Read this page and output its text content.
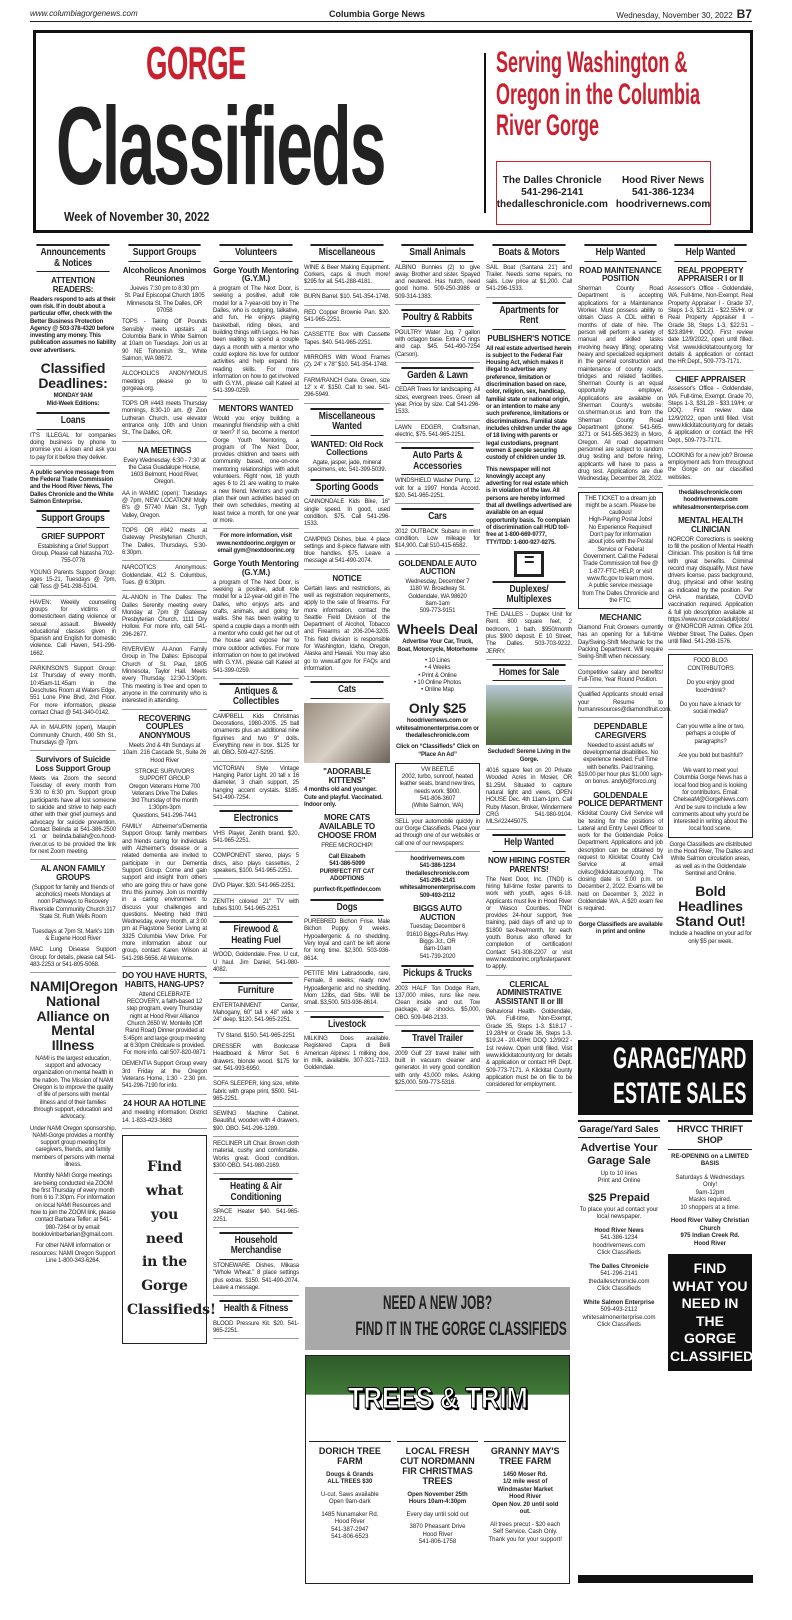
www.columbiagorgenews.com	Columbia Gorge News	Wednesday, November 30, 2022 B7
GORGE
Classifieds
Week of November 30, 2022
Serving Washington & Oregon in the Columbia River Gorge
The Dalles Chronicle
541-296-2141
thedalleschronicle.com
Hood River News
541-386-1234
hoodrivernews.com
Announcements & Notices
ATTENTION READERS:
Readers respond to ads at their own risk. If in doubt about a particular offer, check with the Better Business Protection Agency @ 503-378-4320 before investing any money. This publication assumes no liability over advertisers.
Classified Deadlines:
MONDAY 9AM
Mid-Week Editions:
Loans
IT'S ILLEGAL for companies doing business by phone to promise you a loan and ask you to pay for it before they deliver.
A public service message from the Federal Trade Commission and the Hood River News, The Dalles Chronicle and the White Salmon Enterprise.
Support Groups
GRIEF SUPPORT
Establishing a Grief Support Group. Please call Natasha 702-755-0778
YOUNG Parents Support Group: ages 15-21, Tuesdays @ 7pm, call Tess @ 541-298-5104.
HAVEN: Weekly counseling groups for victims of domestic/teen dating violence or sexual assault. Biweekly educational classes given in Spanish and English for domestic violence. Call Haven, 541-296-1662.
PARKINSON'S Support Group: 1st Thursday of every month, 10:45am-11:45am in the Deschutes Room at Waters Edge, 551 Lone Pine Blvd, 2nd Floor. For more information, please contact Chad @ 541-340-0142.
AA in MAUPIN (open), Maupin Community Church, 490 5th St., Thursdays @ 7pm.
Survivors of Suicide Loss Support Group
Meets via Zoom the second Tuesday of every month from 5:30 to 6:30 pm. Support group participants have all lost someone to suicide and strive to help each other with their grief journeys and advocacy for suicide prevention. Contact Belinda at 541-386-2500 x1 or belinda.ballah@co.hood-river.or.us to be provided the link for next Zoom meeting.
AL ANON FAMILY GROUPS
(Support for family and friends of alcoholics) meets Mondays at noon Pathways to Recovery Riverside Community Church 317 State St. Ruth Wells Room

Tuesdays at 7pm St. Mark's 11th & Eugene Hood River
MAC Lung Disease Support Group: for details, please call 541-483-2253 or 541-805-5068.
NAMI|Oregon National Alliance on Mental Illness
NAMI is the largest education, support and advocacy organization on mental health in the nation. The Mission of NAMI Oregon is to improve the quality of life of persons with mental illness and of their families through support, education and advocacy.
Under NAMI Oregon sponsorship, NAMI-Gorge provides a monthly support group meeting for caregivers, friends, and family members of persons with mental illness.
Monthly NAMI Gorge meetings are being conducted via ZOOM the first Thursday of every month from 6 to 7:30pm. For information on local NAMI Resources and how to join the ZOOM link, please contact Barbara Telfer: at 541-980-7264 or by email: booklovinbarbarian@gmail.com.
For other NAMI information or resources: NAMI Oregon Support Line 1-800-343-6264.
Support Groups
Alcoholicos Anonimos Reuniones
Jueves 7:30 pm to 8:30 pm
St. Paul Episcopal Church 1805 Minnesota St. The Dalles, OR 97058
TOPS - Taking Off Pounds Sensibly meets upstairs at Columbia Bank in White Salmon at 10am on Tuesdays. Join us at 90 NE Tohomish St., White Salmon, WA 98672.
ALCOHOLICS ANONYMOUS meetings please go to gorgeaa.org.
TOPS OR #443 meets Thursday mornings, 8:30-10 am. @ Zion Lutheran Church, use elevator entrance only. 10th and Union St., The Dalles, OR.
NA MEETINGS
Every Wednesday. 6:30 - 7:30 at the Casa Guadalupe House, 1603 Belmont, Hood River, Oregon.
AA in WAMIC (open): Tuesdays @ 7pm, NEW LOCATION! Molly B's @ 57740 Main St., Tygh Valley, Oregon.
TOPS OR #942 meets at Gateway Presbyterian Church, The Dalles, Thursdays, 5:30-6:30pm.
NARCOTICS Anonymous: Goldendale, 412 S. Columbus, Tues. @ 6:30pm.
AL-ANON in The Dalles: The Dalles Serenity meeting every Monday at 7pm @ Gateway Presbyterian Church, 1111 Dry Hollow. For more info, call 541-296-2677.
RIVERVIEW Al-Anon Family Group in The Dalles: Episcopal Church of St. Paul, 1805 Minnesota, Taylor Hall. Meets every Thursday, 12:30-1:30pm. This meeting is free and open to anyone in the community who is interested in attending.
RECOVERING COUPLES ANONYMOUS
Meets 2nd & 4th Sundays at 10am. 216 Cascade St., Suite 26 Hood River
STROKE SURVIVORS SUPPORT GROUP
Oregon Veterans Home 700 Veterans Drive The Dalles
3rd Thursday of the month 1:30pm-3pm
Questions, 541-296-7441
FAMILY Alzheimer's/Dementia Support Group: family members and friends caring for individuals with Alzheimer's disease or a related dementia are invited to participate in our Dementia Support Group. Come and gain support and insight from others who are going thru or have gone thru this journey. Join us monthly in a caring environment to discuss your challenges and questions. Meeting held third Wednesday, every month, at 3:00 pm at Flagstone Senior Living at 3325 Columbia View Drive. For more information about our group, contact Karen Wilson at 541-298-5656. All Welcome.
DO YOU HAVE HURTS, HABITS, HANG-UPS?
Attend CELEBRATE RECOVERY, a faith-based 12 step program, every Thursday night at Hood River Alliance Church 2650 W. Montello (Off Rand Road) Dinner provided at 5:45pm and large group meeting at 6:30pm Childcare is provided. For more info. call 507-820-0871
DEMENTIA Support Group every 3rd Friday at the Oregon Veterans Home, 1:30 - 2:30 pm. 541-296-7190 for info.
24 HOUR AA HOTLINE
and meeting information: District 14. 1-833-423-3683
Find
what
you
need
in the
Gorge
Classifieds!
Volunteers
Gorge Youth Mentoring (G.Y.M.)
a program of The Next Door, is seeking a positive, adult role model for a 7-year-old boy in The Dalles, who is outgoing, talkative, and fun. He enjoys playing basketball, riding bikes, and building things with Legos. He has been waiting to spend a couple days a month with a mentor who could explore his love for outdoor activities and help expand his reading skills. For more information on how to get involved with G.Y.M., please call Kateel at 541-399-0259.
MENTORS WANTED
Would you enjoy building a meaningful friendship with a child or teen? If so, become a mentor! Gorge Youth Mentoring, a program of The Next Door, provides children and teens with community based, one-on-one mentoring relationships with adult volunteers. Right now, 18 youth ages 6 to 21 are waiting to make a new friend. Mentors and youth plan their own activities based on their own schedules, meeting at least twice a month, for one year or more.
For more information, visit www.nextdoorinc.org/gym or email gym@nextdoorinc.org
Gorge Youth Mentoring (G.Y.M.)
a program of The Next Door, is seeking a positive, adult role model for a 12-year-old girl in The Dalles, who enjoys arts and crafts, animals, and going for walks. She has been waiting to spend a couple days a month with a mentor who could get her out of the house and expose her to more outdoor activities. For more information on how to get involved with G.Y.M., please call Kateel at 541-399-0259.
Antiques & Collectibles
CAMPBELL Kids Christmas Decorations, 1980-2005. 25 ball ornaments plus an additional nine figurines and two 9" dolls. Everything new in box. $125 for all. OBO. 509-427-5295.
VICTORIAN Style Vintage Hanging Parlor Light. 20 tall x 16 diameter, 3 chain support, 25 hanging accent crystals. $185. 541-490-7254.
Electronics
VHS Player, Zenith brand. $20. 541-965-2251.
COMPONENT stereo, plays 5 discs, also plays cassettes, 2 speakers, $100. 541-965-2251.
DVD Player. $20. 541-965-2251.
ZENITH colored 21" TV with tubes $100. 541-965-2251
Firewood & Heating Fuel
WOOD, Goldendale. Free. U cut, U haul. Jim Daniel, 541-980-4082.
Furniture
ENTERTAINMENT Center, Mahogany, 60" tall x 48" wide x 24" deep. $120. 541-965-2251.
TV Stand. $150. 541-965-2251
DRESSER with Bookcase Headboard & Mirror Set. 6 drawers, blonde wood. $175 for set. 541-993-6950.
SOFA SLEEPER, king size, white fabric with grape print, $500. 541-965-2251.
SEWING Machine Cabinet. Beautiful, wooden with 4 drawers. $90. OBO. 541-296-1289.
RECLINER Lift Chair. Brown cloth material, cushy and comfortable. Works great. Good condition. $300 OBO. 541-980-2169.
Heating & Air Conditioning
SPACE Heater $40. 541-965-2251.
Household Merchandise
STONEWARE Dishes, Mikasa "Whole Wheat." 8 place settings plus extras. $150. 541-490-2074. Leave a message.
Health & Fitness
BLOOD Pressure Kit. $20. 541-965-2251.
Miscellaneous
WINE & Beer Making Equipment. Corkers, caps & much more! $295 for all. 541-288-4181.
BURN Barrel. $10. 541-354-1748.
RED Copper Brownie Pan. $20. 541-965-2251.
CASSETTE Box with Cassette Tapes. $40. 541-965-2251.
MIRRORS With Wood Frames (2). 24" x 78" $10. 541-354-1748.
FARM/RANCH Gate. Green, size 12' x 4'. $150. Call to see. 541-296-5949.
Miscellaneous Wanted
WANTED: Old Rock Collections
Agate, jasper, jade, mineral specimens, etc. 541-399-5039.
Sporting Goods
CANNONDALE Kids Bike, 16" single speed. In good, used condition. $75. Call 541-296-1533.
CAMPING Dishes, blue. 4 place settings and 8-piece flatware with blue handles. $75. Leave a message at 541-490-2074.
NOTICE
Certain laws and restrictions, as well as registration requirements, apply to the sale of firearms. For more information, contact the Seattle Field Division of the Department of Alcohol, Tobacco and Firearms at 206-204-3205. This field division is responsible for Washington, Idaho, Oregon, Alaska and Hawaii. You may also go to www.atf.gov for FAQs and information.
Cats
"ADORABLE KITTENS"
4 months old and younger. Cute and playful. Vaccinated. Indoor only.
MORE CATS AVAILABLE TO CHOOSE FROM
FREE MICROCHIP!
Call Elizabeth
541-386-5099
PURRFECT FIT CAT ADOPTIONS
purrfect-fit.petfinder.com
Dogs
PUREBRED Bichon Frise. Male Bichon Puppy. 9 weeks. Hypoallergenic & no shedding. Very loyal and can't be left alone for long time. $2,300. 503-936-8614.
PETITE Mini Labradoodle, rare, Female, 8 weeks; ready now! Hypoallergenic and no shedding. Mom 12lbs, dad 5lbs. Will be small. $3,500. 503-936-8614.
Livestock
MILKING Does available. Registered Capra di Belli American Alpines: 1 milking doe, in milk, available. 307-321-7113. Goldendale.
Small Animals
ALBINO Bunnies (2) to give away. Brother and sister. Spayed and neutered. Has hutch, need good home. 509-250-3986 or 509-314-1383.
Poultry & Rabbits
POULTRY Water Jug. 7 gallon with octagon base. Extra O rings and cap. $45. 541-490-7254 (Carson).
Garden & Lawn
CEDAR Trees for landscaping. All sizes, evergreen trees. Green all year. Price by size. Call 541-296-1533.
LAWN EDGER, Craftsman, electric, $75. 541-965-2251.
Auto Parts & Accessories
WINDSHIELD Washer Pump, 12 volt for a 1997 Honda Accord. $20. 541-965-2251.
Cars
2012 OUTBACK Subaru in mint condition. Low mileage for $14,900. Call 510-415-6582.
GOLDENDALE AUTO AUCTION
Wednesday, December 7
1180 W. Broadway St. Goldendale, WA 98620
8am-1am
509-773-9151
Wheels Deal
Advertise Your Car, Truck, Boat, Motorcycle, Motorhome
• 10 Lines
• 4 Weeks
• Print & Online
• 10 Online Photos
• Online Map
Only $25
hoodrivernews.com or whitesalmonenterprise.com or thedalleschronicle.com
Click on “Classifieds” Click on “Place An Ad”
VW BEETLE
2002, turbo, sunroof, heated leather seats, brand new tires, needs work. $900.
541-806-3607
(White Salmon, WA)
SELL your automobile quickly in our Gorge Classifieds. Place your ad through one of our websites or call one of our newspapers:
hoodrivernews.com
541-386-1234
thedalleschronicle.com
541-296-2141
whitesalmonenterprise.com
509-493-2112
BIGGS AUTO AUCTION
Tuesday, December 6
91610 Biggs-Rufus Hwy.
Biggs Jct., OR
8am-10am
541-739-2020
Pickups & Trucks
2003 HALF Ton Dodge Ram, 137,000 miles, runs like new. Clean inside and out. Tow package, air shocks. $5,000, OBO. 509-948-2133.
Travel Trailer
2009 Gulf 23' travel trailer with built in vacuum cleaner and generator. In very good condition with only 43,000 miles. Asking $25,000. 509-773-5316.
Boats & Motors
SAIL Boat (Santana 21') and Trailer. Needs some repairs, no sails. Low price at $1,200. Call 541-296-1533.
Apartments for Rent
PUBLISHER'S NOTICE
All real estate advertised herein is subject to the Federal Fair Housing Act, which makes it illegal to advertise any preference, limitation or discrimination based on race, color, religion, sex, handicap, familial state or national origin, or an intention to make any such preference, limitations or discriminations. Familial state includes children under the age of 18 living with parents or legal custodians, pregnant women & people securing custody of children under 19.
This newspaper will not knowingly accept any adverting for real estate which is in violation of the law. All persons are hereby informed that all dwellings advertised are available on an equal opportunity basis. To complain of discrimination call HUD toll-free at 1-800-669-9777, TTY/TDD: 1-800-927-9275.
=
Duplexes/ Multiplexes
THE DALLES - Duplex Unit for Rent. 800 square feet, 2 bedroom, 1 bath. $950/month plus $900 deposit. E 10 Street, The Dalles. 503-703-9222. JERRY.
Homes for Sale
Secluded! Serene Living in the Gorge.
4016 square feet on 20 Private Wooded Acres in Mosier, OR $1.25M. Situated to capture natural light and views. OPEN HOUSE Dec. 4th 11am-1pm. Call Ruby Mason, Broker, Windermere CRG 541-980-9104. MLS#22445075.
Help Wanted
NOW HIRING FOSTER PARENTS!
The Next Door, Inc. (TNDI) is hiring full-time foster parents to work with youth, ages 6-18. Applicants must live in Hood River or Wasco Counties. TNDI provides 24-hour support, free training, paid days off and up to $1800 tax-free/month, for each youth. Bonus also offered for completion of certification! Contact 541-308-2207 or visit www.nextdoorinc.org/fosterparent to apply.
CLERICAL ADMINISTRATIVE ASSISTANT II or III
Behavioral Health- Goldendale, WA. Full-time, Non-Exempt, Grade 35, Steps 1-3. $18.17 - 19.28/Hr or Grade 36, Steps 1-3. $19.24 - 20.40/Hr. DOQ. 12/9/22 - 1st review. Open until filled. Visit www.klickitatcounty.org for details & application or contact HR Dept. 509-773-7171. A Klickitat County application must be on file to be considered for employment.
Help Wanted
ROAD MAINTENANCE POSITION
Sherman County Road Department is accepting applications for a Maintenance Worker. Must possess ability to obtain Class A CDL within 6 months of date of hire. The person will perform a variety of manual and skilled tasks involving heavy lifting; operating heavy and specialized equipment in the general construction and maintenance of county roads, bridges and related facilities. Sherman County is an equal opportunity employer. Applications are available on Sherman County's website: co.sherman.or.us and from the Sherman County Road Department (phone: 541-565-3271 or 541-565-3623) in Moro, Oregon. All road department personnel are subject to random drug testing and before hiring, applicants will have to pass a drug test. Applications are due Wednesday, December 28, 2022.
THE TICKET to a dream job might be a scam. Please be cautious!
High-Paying Postal Jobs!
No Experience Required!
Don't pay for information about jobs with the Postal Service or Federal Government. Call the Federal Trade Commission toll free @ 1-877-FTC-HELP, or visit www.ftc.gov to learn more.
A public service message from The Dalles Chronicle and the FTC.
MECHANIC
Diamond Fruit Growers currently has an opening for a full-time Day/Swing-Shift Mechanic for the Packing Department. Will require Swing-Shift when necessary.
Competitive salary and benefits! Full-Time, Year Round Position.
Qualified Applicants should email your Resume to humanresources@diamondfruit.com.
DEPENDABLE CAREGIVERS
Needed to assist adults w/ developmental disabilities. No experience needed. Full Time with benefits. Paid training. $19.00 per hour plus $1,000 sign-on bonus. andyb@forcci.org
GOLDENDALE POLICE DEPARTMENT
Klickitat County Civil Service will be testing for the positions of Lateral and Entry Level Officer to work for the Goldendale Police Department. Applications and job description can be obtained by request to Klickitat County Civil Service at email civilsc@klickitatcounty.org. The closing date is 5:00 p.m. on December 2, 2022. Exams will be held on December 3, 2022 in Goldendale WA. A $20 exam fee is required.
Gorge Classifieds are available in print and online
Help Wanted
REAL PROPERTY APPRAISER I or II
Assessor's Office - Goldendale, WA. Full-time, Non-Exempt. Real Property Appraiser I - Grade 37, Steps 1-3, $21.21 - $22.55/Hr. or Real Property Appraiser II - Grade 38, Steps 1-3, $22.51 - $23.89/Hr. DOQ. First review date 12/9/2022, open until filled. Visit www.klickitatcounty.org for details & application or contact the HR Dept., 509-773-7171.
CHIEF APPRAISER
Assessor's Office - Goldendale, WA. Full-time, Exempt. Grade 70, Steps 1-3, $31.28 - $33.19/Hr. or DOQ. First review date 12/9/2022, open until filled. Visit www.klickitatcounty.org for details & application or contact the HR Dept., 509-773-7171.
LOOKING for a new job? Browse employment ads from throughout the Gorge on our classified websites:
thedalleschronicle.com
hoodrivernews.com
whitesalmonenterprise.com
MENTAL HEALTH CLINICIAN
NORCOR Corrections is seeking to fill the position of Mental Health Clinician. This position is full time with great benefits. Criminal record may disqualify. Must have drivers license, pass background, drug, physical and other testing as indicated by the position. Per OHA mandate, COVID vaccination required. Application & full job description available at https://www.norcor.co/adult/jobs/ or @NORCOR Admin. Office 201 Webber Street, The Dalles. Open until filled. 541-298-1576.
FOOD BLOG CONTRIBUTORS

Do you enjoy good food+drink?

Do you have a knack for social media?

Can you write a line or two, perhaps a couple of paragraphs?

Are you bold but bashful?

We want to meet you! Columbia Gorge News has a local food blog and is looking for contributors. Email: ChelseaM@GorgeNews.com And be sure to include a few comments about why you'd be interested in writing about the local food scene.
Gorge Classifieds are distributed in the Hood River, The Dalles and White Salmon circulation areas, as well as in the Goldendale Sentinel and Online.
Bold Headlines Stand Out!
Include a headline on your ad for only $5 per week.
NEED A NEW JOB?
FIND IT IN THE GORGE CLASSIFIEDS
TREES & TRIM
DORICH TREE FARM
Dougs & Grands
ALL TREES $30
U-cut. Saws available
Open 9am-dark
1485 Nunamaker Rd.
Hood River
541-387-2947
541-806-6523
LOCAL FRESH CUT NORDMANN FIR CHRISTMAS TREES
Open November 25th
Hours 10am-4:30pm
Every day until sold out
3870 Pheasant Drive
Hood River
541-806-1758
GRANNY MAY'S TREE FARM
1450 Moser Rd.
1/2 mile west of Windmaster Market
Hood River
Open Nov. 20 until sold out.
All trees precut - $20 each
Self Service. Cash Only.
Thank you for your support!
GARAGE/YARD
ESTATE SALES
Garage/Yard Sales
Advertise Your Garage Sale
Up to 10 lines
Print and Online
$25 Prepaid
To place your ad contact your local newspaper.
Hood River News
541-386-1234
hoodrivernews.com
Click Classifieds
The Dalles Chronicle
541-296-2141
thedalleschronicle.com
Click Classifieds
White Salmon Enterprise
509-493-2112
whitesalmonenterprise.com
Click Classifieds
HRVCC THRIFT SHOP
RE-OPENING on a LIMITED BASIS
Saturdays & Wednesdays Only!
9am-12pm
Masks required.
10 shoppers at a time.
Hood River Valley Christian Church
975 Indian Creek Rd.
Hood River
FIND
WHAT YOU
NEED IN
THE GORGE
CLASSIFIEDS
